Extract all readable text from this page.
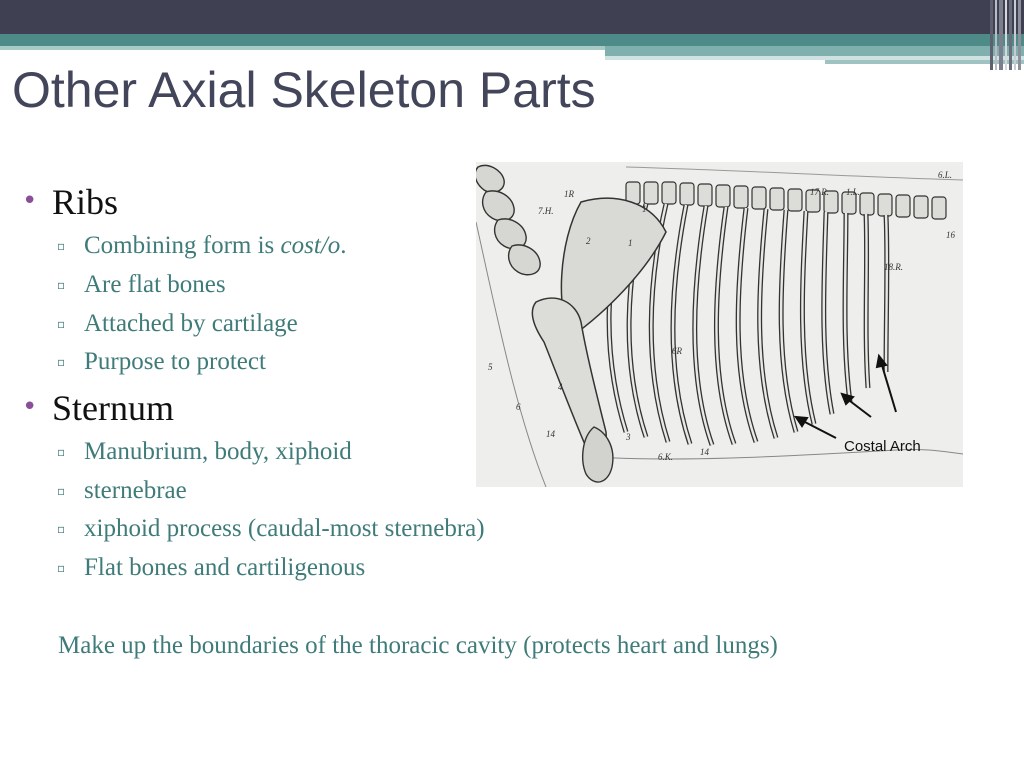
Other Axial Skeleton Parts
• Ribs
▫ Combining form is cost/o.
▫ Are flat bones
▫ Attached by cartilage
▫ Purpose to protect
• Sternum
▫ Manubrium, body, xiphoid
▫ sternebrae
▫ xiphoid process (caudal-most sternebra)
▫ Flat bones and cartiligenous
Make up the boundaries of the thoracic cavity (protects heart and lungs)
Costal Arch
1R
7.H.
17.R. 1.L.
6.L.
18.R.
6R
1
2	1
5
6
4
14	3
6.K.
16
14
